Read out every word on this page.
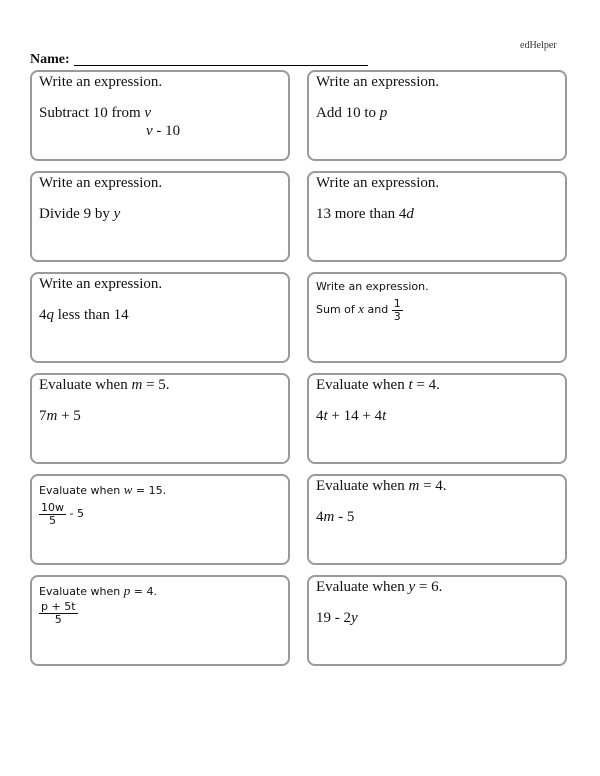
edHelper
Name:
Write an expression.
Subtract 10 from v
v - 10
Write an expression.
Add 10 to p
Write an expression.
Divide 9 by y
Write an expression.
13 more than 4d
Write an expression.
4q less than 14
Write an expression.
Sum of x and $\frac{1}{3}$
Evaluate when m = 5.
7m + 5
Evaluate when t = 4.
4t + 14 + 4t
Evaluate when w = 15.
$\frac{10w}{5} - 5$
Evaluate when m = 4.
4m - 5
Evaluate when p = 4.
$\frac{p + 5t}{5}$
Evaluate when y = 6.
19 - 2y
